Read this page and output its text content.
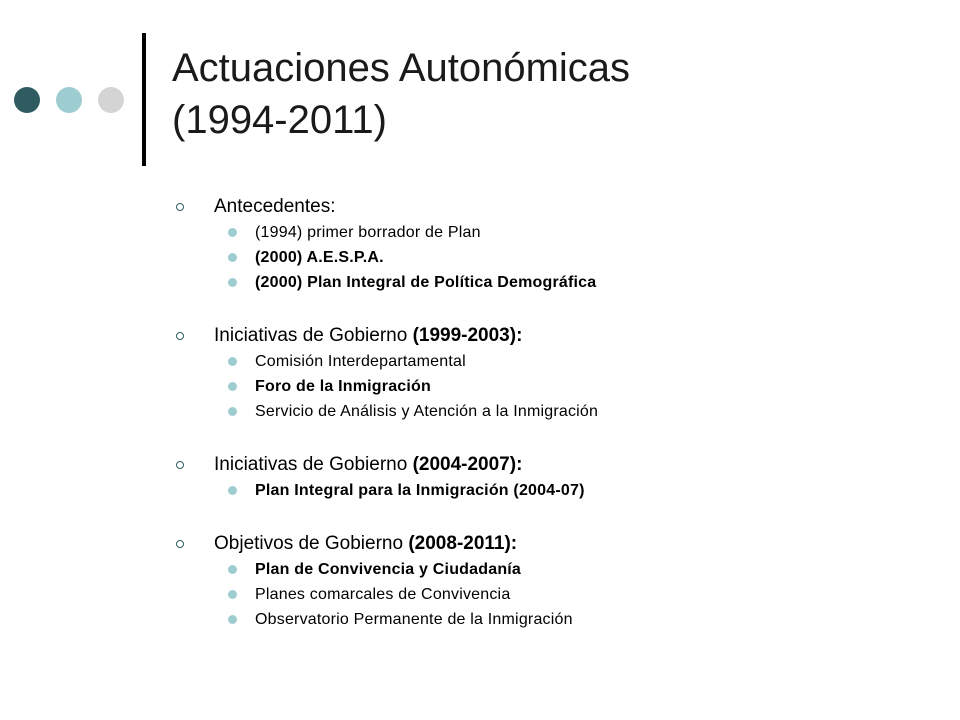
Actuaciones Autonómicas
(1994-2011)
Antecedentes:
(1994) primer borrador de Plan
(2000) A.E.S.P.A.
(2000) Plan Integral de Política Demográfica
Iniciativas de Gobierno (1999-2003):
Comisión Interdepartamental
Foro de la Inmigración
Servicio de Análisis y Atención a la Inmigración
Iniciativas de Gobierno (2004-2007):
Plan Integral para la Inmigración (2004-07)
Objetivos de Gobierno (2008-2011):
Plan de Convivencia y Ciudadanía
Planes comarcales de Convivencia
Observatorio Permanente de la Inmigración
